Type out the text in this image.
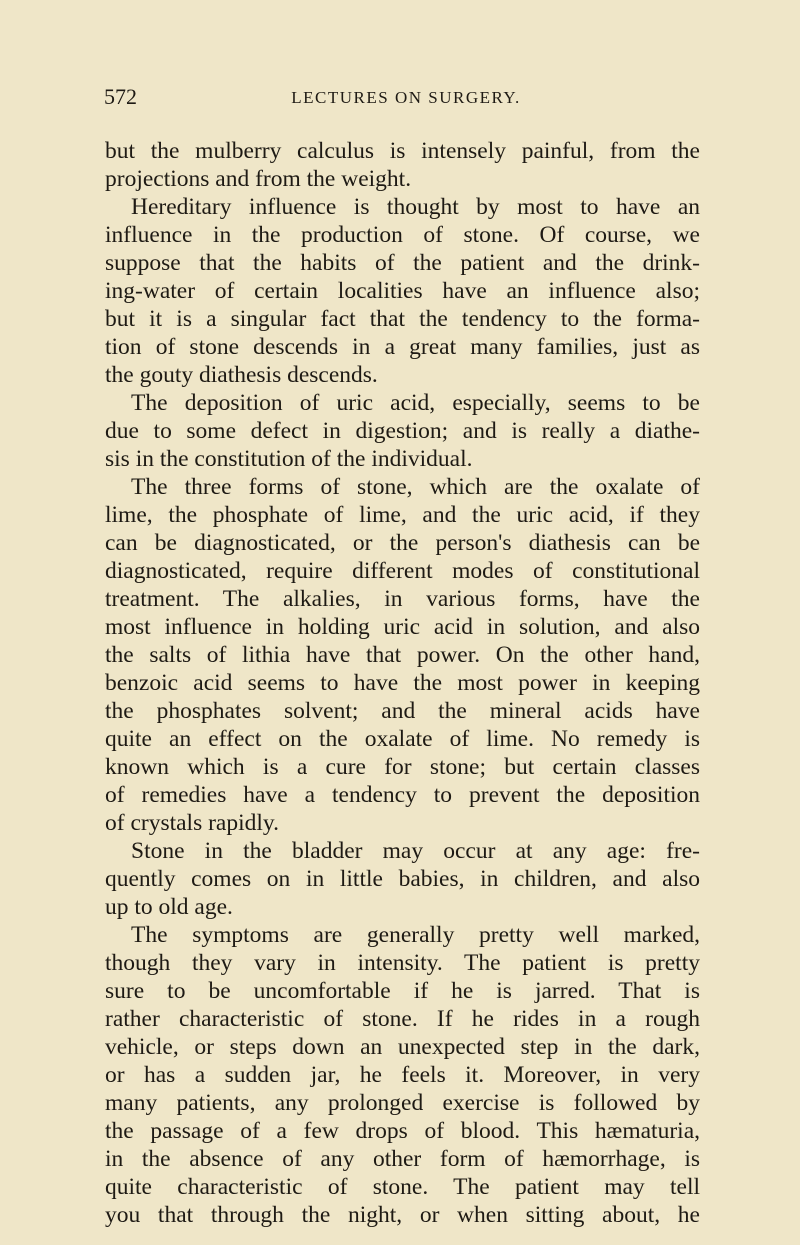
572	LECTURES ON SURGERY.
but the mulberry calculus is intensely painful, from the
projections and from the weight.
Hereditary influence is thought by most to have an
influence in the production of stone. Of course, we
suppose that the habits of the patient and the drink-
ing-water of certain localities have an influence also;
but it is a singular fact that the tendency to the forma-
tion of stone descends in a great many families, just as
the gouty diathesis descends.
The deposition of uric acid, especially, seems to be
due to some defect in digestion; and is really a diathe-
sis in the constitution of the individual.
The three forms of stone, which are the oxalate of
lime, the phosphate of lime, and the uric acid, if they
can be diagnosticated, or the person's diathesis can be
diagnosticated, require different modes of constitutional
treatment. The alkalies, in various forms, have the
most influence in holding uric acid in solution, and also
the salts of lithia have that power. On the other hand,
benzoic acid seems to have the most power in keeping
the phosphates solvent; and the mineral acids have
quite an effect on the oxalate of lime. No remedy is
known which is a cure for stone; but certain classes
of remedies have a tendency to prevent the deposition
of crystals rapidly.
Stone in the bladder may occur at any age: fre-
quently comes on in little babies, in children, and also
up to old age.
The symptoms are generally pretty well marked,
though they vary in intensity. The patient is pretty
sure to be uncomfortable if he is jarred. That is
rather characteristic of stone. If he rides in a rough
vehicle, or steps down an unexpected step in the dark,
or has a sudden jar, he feels it. Moreover, in very
many patients, any prolonged exercise is followed by
the passage of a few drops of blood. This hæmaturia,
in the absence of any other form of hæmorrhage, is
quite characteristic of stone. The patient may tell
you that through the night, or when sitting about, he
